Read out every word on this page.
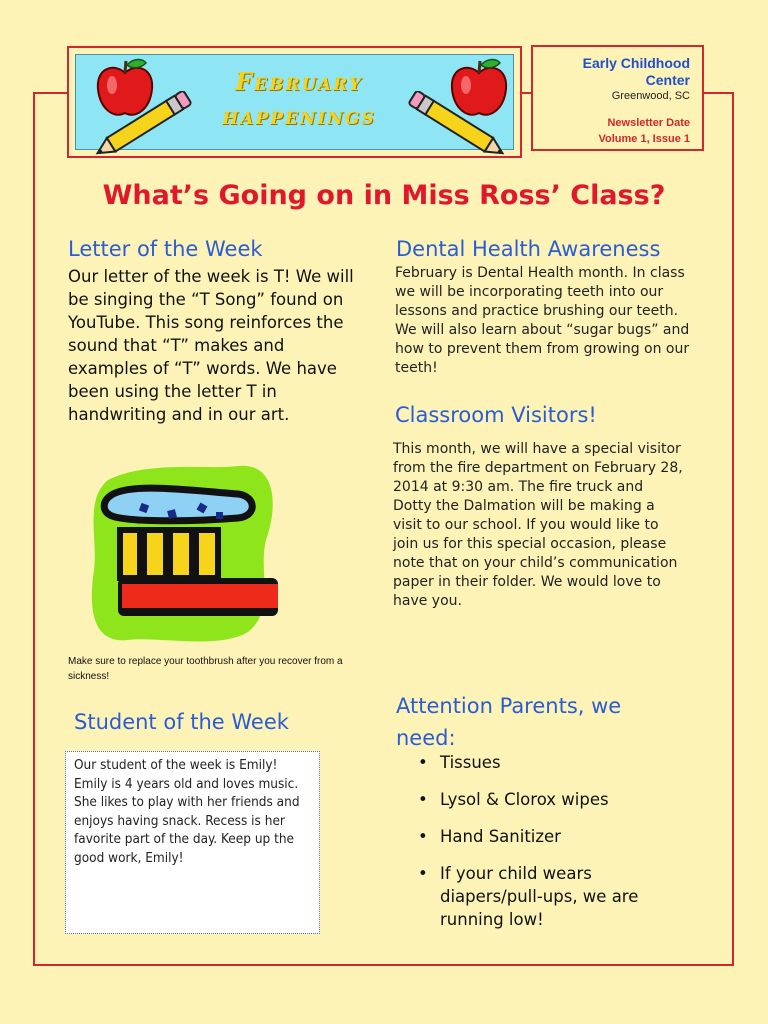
February
happenings
Early Childhood
Center
Greenwood, SC
Newsletter Date
Volume 1, Issue 1
What’s Going on in Miss Ross’ Class?
Letter of the Week
Our letter of the week is T! We will be singing the “T Song” found on YouTube. This song reinforces the sound that “T” makes and examples of “T” words. We have been using the letter T in handwriting and in our art.
Make sure to replace your toothbrush after you recover from a sickness!
Student of the Week
Our student of the week is Emily! Emily is 4 years old and loves music. She likes to play with her friends and enjoys having snack. Recess is her favorite part of the day. Keep up the good work, Emily!
Dental Health Awareness
February is Dental Health month. In class we will be incorporating teeth into our lessons and practice brushing our teeth. We will also learn about “sugar bugs” and how to prevent them from growing on our teeth!
Classroom Visitors!
This month, we will have a special visitor from the fire department on February 28, 2014 at 9:30 am. The fire truck and Dotty the Dalmation will be making a visit to our school. If you would like to join us for this special occasion, please note that on your child’s communication paper in their folder. We would love to have you.
Attention Parents, we
need:
• Tissues
• Lysol & Clorox wipes
• Hand Sanitizer
• If your child wears diapers/pull-ups, we are running low!
